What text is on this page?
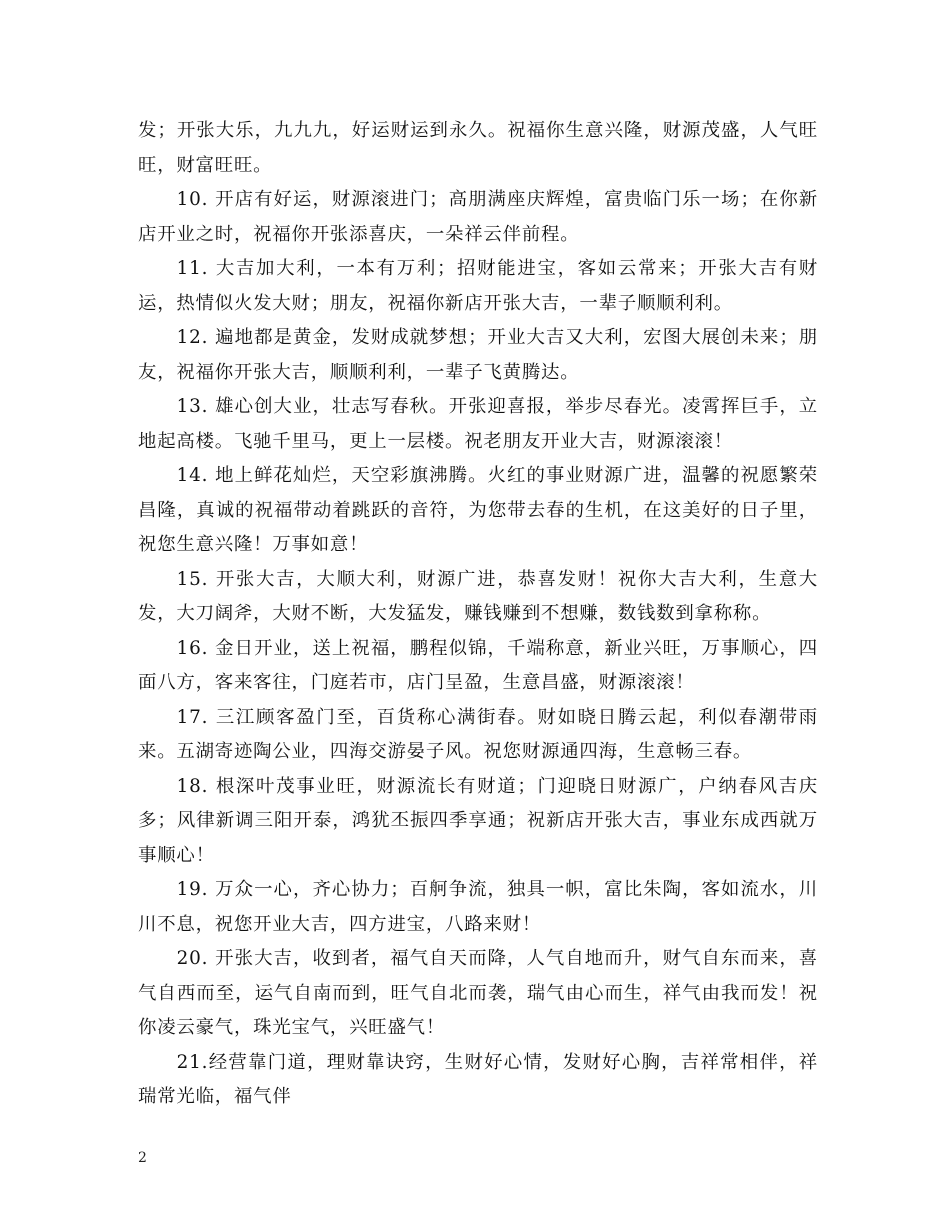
发；开张大乐，九九九，好运财运到永久。祝福你生意兴隆，财源茂盛，人气旺旺，财富旺旺。

10. 开店有好运，财源滚进门；高朋满座庆辉煌，富贵临门乐一场；在你新店开业之时，祝福你开张添喜庆，一朵祥云伴前程。

11. 大吉加大利，一本有万利；招财能进宝，客如云常来；开张大吉有财运，热情似火发大财；朋友，祝福你新店开张大吉，一辈子顺顺利利。

12. 遍地都是黄金，发财成就梦想；开业大吉又大利，宏图大展创未来；朋友，祝福你开张大吉，顺顺利利，一辈子飞黄腾达。

13. 雄心创大业，壮志写春秋。开张迎喜报，举步尽春光。凌霄挥巨手，立地起高楼。飞驰千里马，更上一层楼。祝老朋友开业大吉，财源滚滚！

14. 地上鲜花灿烂，天空彩旗沸腾。火红的事业财源广进，温馨的祝愿繁荣昌隆，真诚的祝福带动着跳跃的音符，为您带去春的生机，在这美好的日子里，祝您生意兴隆！万事如意！

15. 开张大吉，大顺大利，财源广进，恭喜发财！祝你大吉大利，生意大发，大刀阔斧，大财不断，大发猛发，赚钱赚到不想赚，数钱数到拿称称。

16. 金日开业，送上祝福，鹏程似锦，千端称意，新业兴旺，万事顺心，四面八方，客来客往，门庭若市，店门呈盈，生意昌盛，财源滚滚！

17. 三江顾客盈门至，百货称心满街春。财如晓日腾云起，利似春潮带雨来。五湖寄迹陶公业，四海交游晏子风。祝您财源通四海，生意畅三春。

18. 根深叶茂事业旺，财源流长有财道；门迎晓日财源广，户纳春风吉庆多；风律新调三阳开泰，鸿犹丕振四季享通；祝新店开张大吉，事业东成西就万事顺心！

19. 万众一心，齐心协力；百舸争流，独具一帜，富比朱陶，客如流水，川川不息，祝您开业大吉，四方进宝，八路来财！

20. 开张大吉，收到者，福气自天而降，人气自地而升，财气自东而来，喜气自西而至，运气自南而到，旺气自北而袭，瑞气由心而生，祥气由我而发！祝你凌云豪气，珠光宝气，兴旺盛气！

21.经营靠门道，理财靠诀窍，生财好心情，发财好心胸，吉祥常相伴，祥瑞常光临，福气伴

2
